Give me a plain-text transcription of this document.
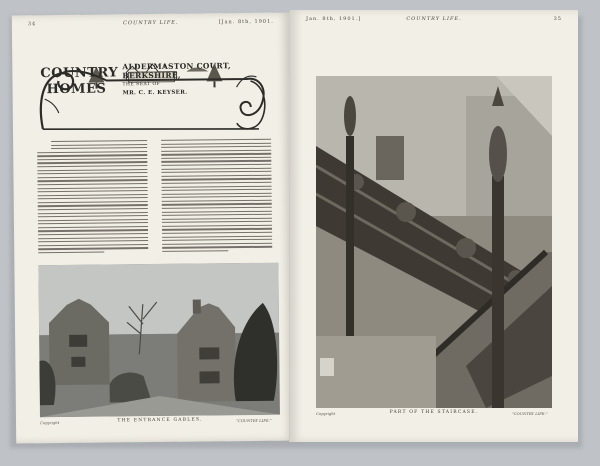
34	COUNTRY LIFE.	[Jan. 8th, 1901.
COUNTRY
HOMES
ALDERMASTON COURT,
BERKSHIRE,
THE SEAT OF
MR. C. E. KEYSER.
Copyright	THE ENTRANCE GABLES.	"COUNTRY LIFE."
Jan. 8th, 1901.]	COUNTRY LIFE.	35
Copyright	PART OF THE STAIRCASE.	"COUNTRY LIFE."
